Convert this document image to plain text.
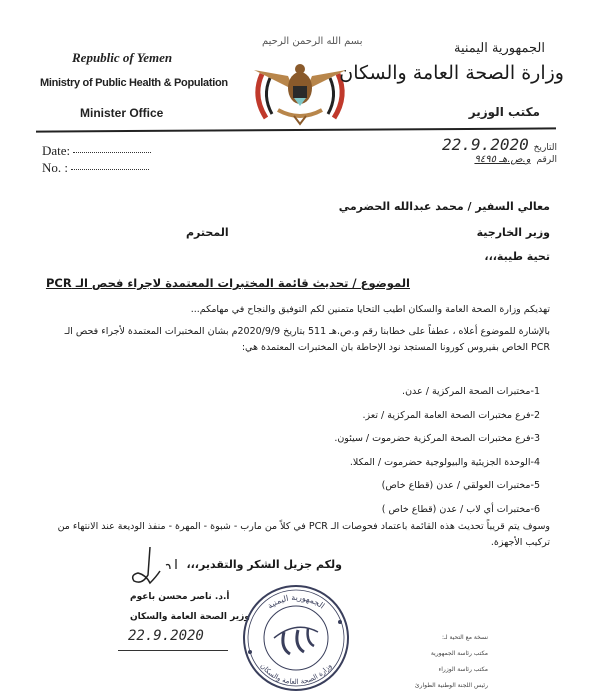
Republic of Yemen
Ministry of Public Health & Population
Minister Office
بسم الله الرحمن الرحيم	الجمهورية اليمنية
وزارة الصحة العامة والسكان
مكتب الوزير
Date:
No. :
التاريخ 22.9.2020
الرقم و.ص.هـ ٩٤٩٥
معالي السفير / محمد عبدالله الحضرمي
وزير الخارجية
المحترم
تحية طيبة،،،
الموضوع / تحديث قائمة المختبرات المعتمدة لاجراء فحص الـ PCR
تهديكم وزارة الصحة العامة والسكان اطيب التحايا متمنين لكم التوفيق والنجاح في مهامكم...
بالإشارة للموضوع أعلاه ، عطفاً على خطابنا رقم و.ص.هـ 511 بتاريخ 2020/9/9م بشان المختبرات المعتمدة لأجراء فحص الـ PCR الخاص بفيروس كورونا المستجد نود الإحاطة بان المختبرات المعتمدة هي:
1-مختبرات الصحة المركزية / عدن.
2-فرع مختبرات الصحة العامة المركزية / تعز.
3-فرع مختبرات الصحة المركزية حضرموت / سيئون.
4-الوحدة الجزيئية والبيولوجية حضرموت / المكلا.
5-مختبرات العولقي / عدن (قطاع خاص)
6-مختبرات أي لاب / عدن (قطاع خاص )
وسوف يتم قريباً تحديث هذه القائمة باعتماد فحوصات الـ PCR في كلاً من مارب - شبوة - المهرة - منفذ الوديعة عند الانتهاء من تركيب الأجهزة.
ولكم جزيل الشكر والتقدير،،،
أ.د. ناصر محسن باعوم
وزير الصحة العامة والسكان
22.9.2020
الجمهورية اليمنية
وزارة الصحة العامة والسكان
نسخة مع التحية لـ:
مكتب رئاسة الجمهورية
مكتب رئاسة الوزراء
رئيس اللجنة الوطنية الطوارئ
